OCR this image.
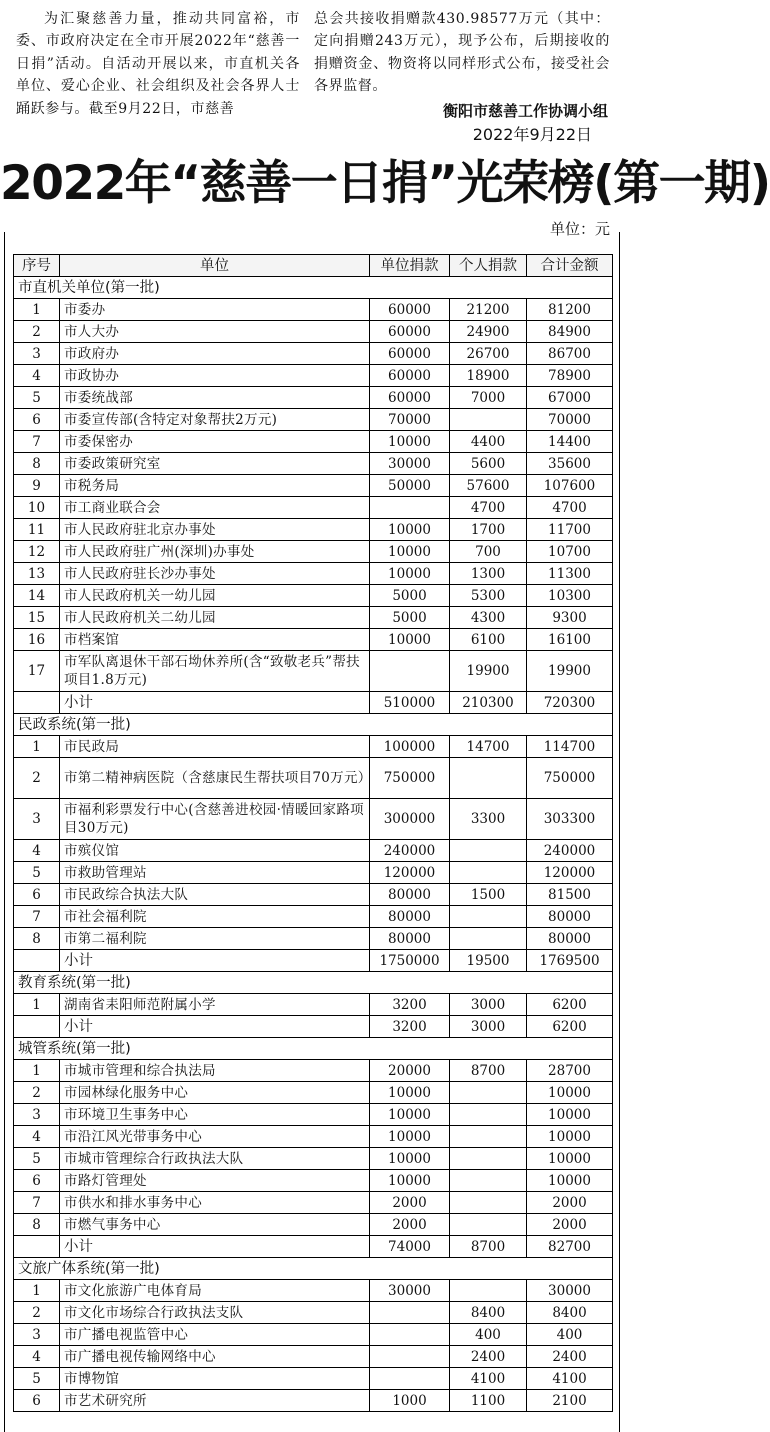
为汇聚慈善力量，推动共同富裕，市委、市政府决定在全市开展2022年“慈善一日捐”活动。自活动开展以来，市直机关各单位、爱心企业、社会组织及社会各界人士踊跃参与。截至9月22日，市慈善
总会共接收捐赠款430.98577万元（其中：定向捐赠243万元），现予公布，后期接收的捐赠资金、物资将以同样形式公布，接受社会各界监督。
衡阳市慈善工作协调小组
2022年9月22日
2022年“慈善一日捐”光荣榜(第一期)
单位：元
序号	单位	单位捐款	个人捐款	合计金额
市直机关单位(第一批)				
1	市委办	60000	21200	81200
2	市人大办	60000	24900	84900
3	市政府办	60000	26700	86700
4	市政协办	60000	18900	78900
5	市委统战部	60000	7000	67000
6	市委宣传部(含特定对象帮扶2万元)	70000		70000
7	市委保密办	10000	4400	14400
8	市委政策研究室	30000	5600	35600
9	市税务局	50000	57600	107600
10	市工商业联合会		4700	4700
11	市人民政府驻北京办事处	10000	1700	11700
12	市人民政府驻广州(深圳)办事处	10000	700	10700
13	市人民政府驻长沙办事处	10000	1300	11300
14	市人民政府机关一幼儿园	5000	5300	10300
15	市人民政府机关二幼儿园	5000	4300	9300
16	市档案馆	10000	6100	16100
17	市军队离退休干部石坳休养所(含“致敬老兵”帮扶项目1.8万元)		19900	19900
	小计	510000	210300	720300
民政系统(第一批)				
1	市民政局	100000	14700	114700
2	市第二精神病医院（含慈康民生帮扶项目70万元）	750000		750000
3	市福利彩票发行中心(含慈善进校园·情暖回家路项目30万元)	300000	3300	303300
4	市殡仪馆	240000		240000
5	市救助管理站	120000		120000
6	市民政综合执法大队	80000	1500	81500
7	市社会福利院	80000		80000
8	市第二福利院	80000		80000
	小计	1750000	19500	1769500
教育系统(第一批)				
1	湖南省耒阳师范附属小学	3200	3000	6200
	小计	3200	3000	6200
城管系统(第一批)				
1	市城市管理和综合执法局	20000	8700	28700
2	市园林绿化服务中心	10000		10000
3	市环境卫生事务中心	10000		10000
4	市沿江风光带事务中心	10000		10000
5	市城市管理综合行政执法大队	10000		10000
6	市路灯管理处	10000		10000
7	市供水和排水事务中心	2000		2000
8	市燃气事务中心	2000		2000
	小计	74000	8700	82700
文旅广体系统(第一批)				
1	市文化旅游广电体育局	30000		30000
2	市文化市场综合行政执法支队		8400	8400
3	市广播电视监管中心		400	400
4	市广播电视传输网络中心		2400	2400
5	市博物馆		4100	4100
6	市艺术研究所	1000	1100	2100
